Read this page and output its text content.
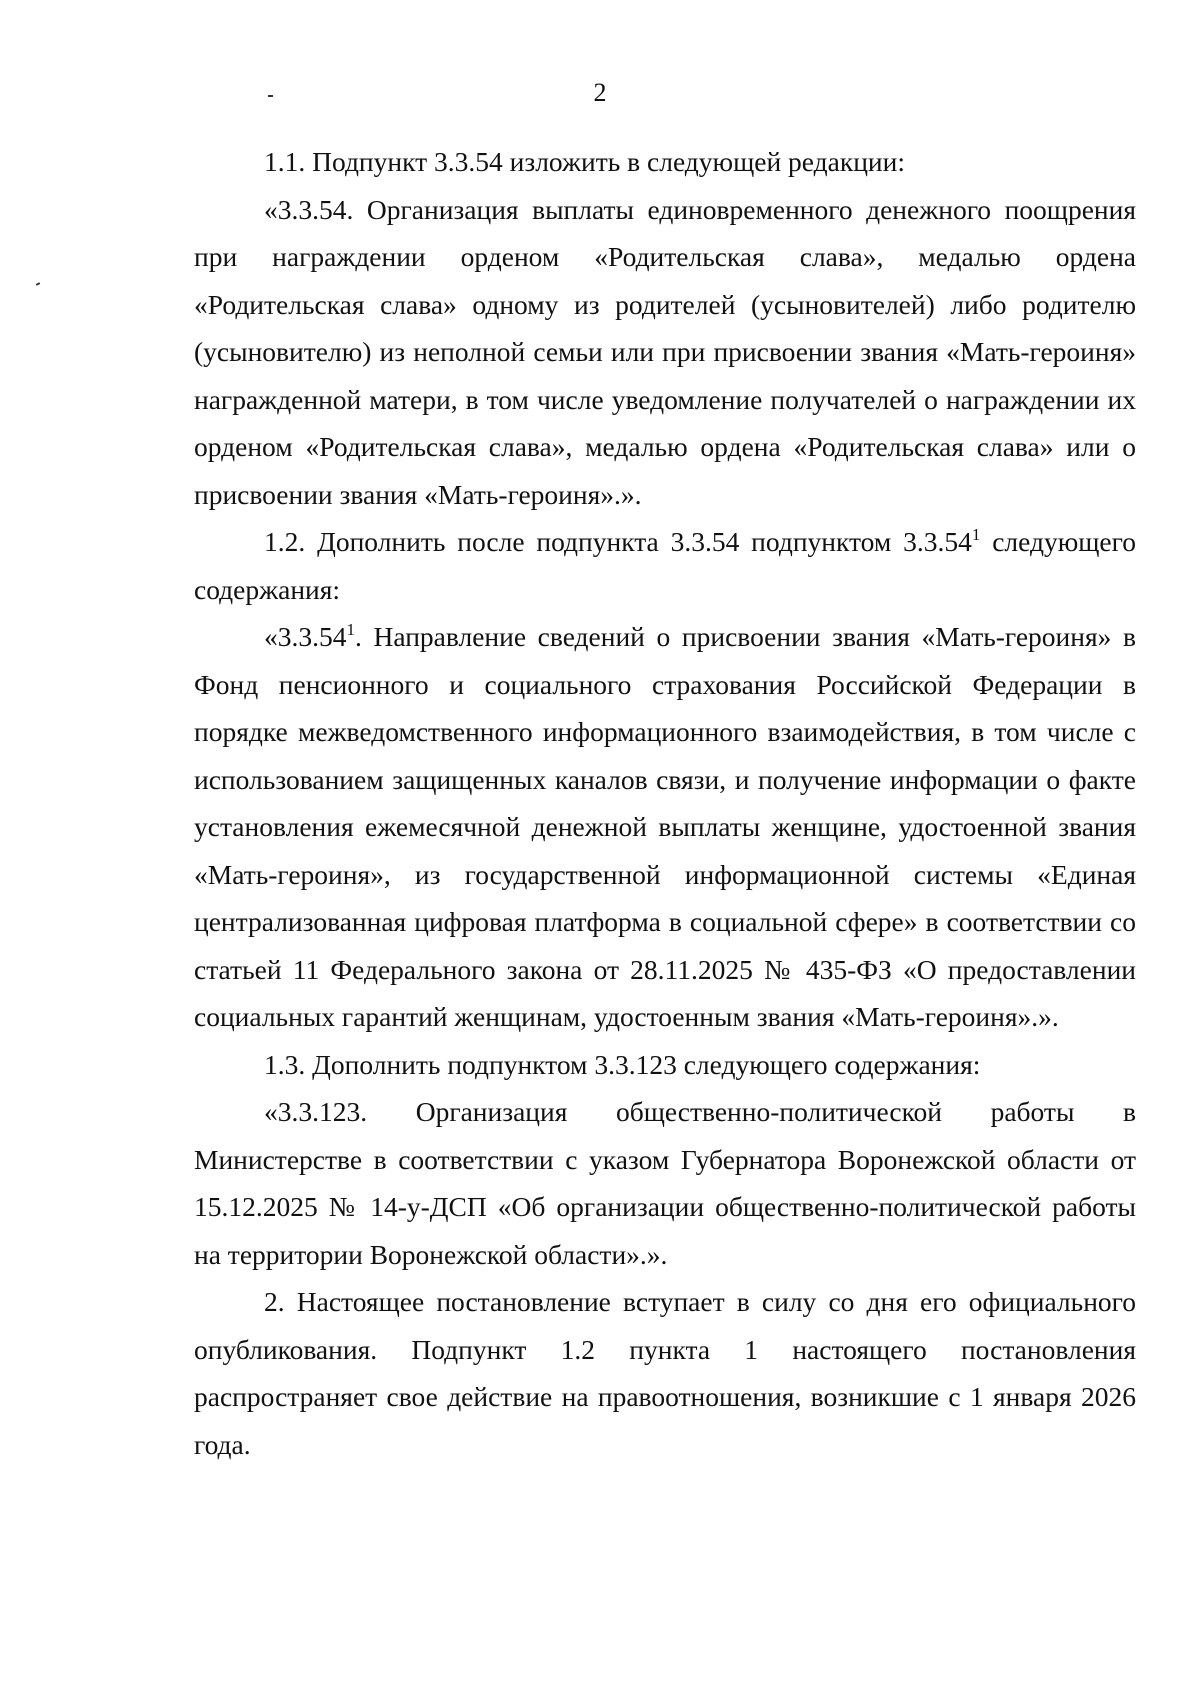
2

1.1. Подпункт 3.3.54 изложить в следующей редакции:

«3.3.54. Организация выплаты единовременного денежного поощрения при награждении орденом «Родительская слава», медалью ордена «Родительская слава» одному из родителей (усыновителей) либо родителю (усыновителю) из неполной семьи или при присвоении звания «Мать-героиня» награжденной матери, в том числе уведомление получателей о награждении их орденом «Родительская слава», медалью ордена «Родительская слава» или о присвоении звания «Мать-героиня».».

1.2. Дополнить после подпункта 3.3.54 подпунктом 3.3.54$^1$ следующего содержания:

«3.3.54$^1$. Направление сведений о присвоении звания «Мать-героиня» в Фонд пенсионного и социального страхования Российской Федерации в порядке межведомственного информационного взаимодействия, в том числе с использованием защищенных каналов связи, и получение информации о факте установления ежемесячной денежной выплаты женщине, удостоенной звания «Мать-героиня», из государственной информационной системы «Единая централизованная цифровая платформа в социальной сфере» в соответствии со статьей 11 Федерального закона от 28.11.2025 № 435-ФЗ «О предоставлении социальных гарантий женщинам, удостоенным звания «Мать-героиня».».

1.3. Дополнить подпунктом 3.3.123 следующего содержания:

«3.3.123. Организация общественно-политической работы в Министерстве в соответствии с указом Губернатора Воронежской области от 15.12.2025 № 14-у-ДСП «Об организации общественно-политической работы на территории Воронежской области».».

2. Настоящее постановление вступает в силу со дня его официального опубликования. Подпункт 1.2 пункта 1 настоящего постановления распространяет свое действие на правоотношения, возникшие с 1 января 2026 года.
